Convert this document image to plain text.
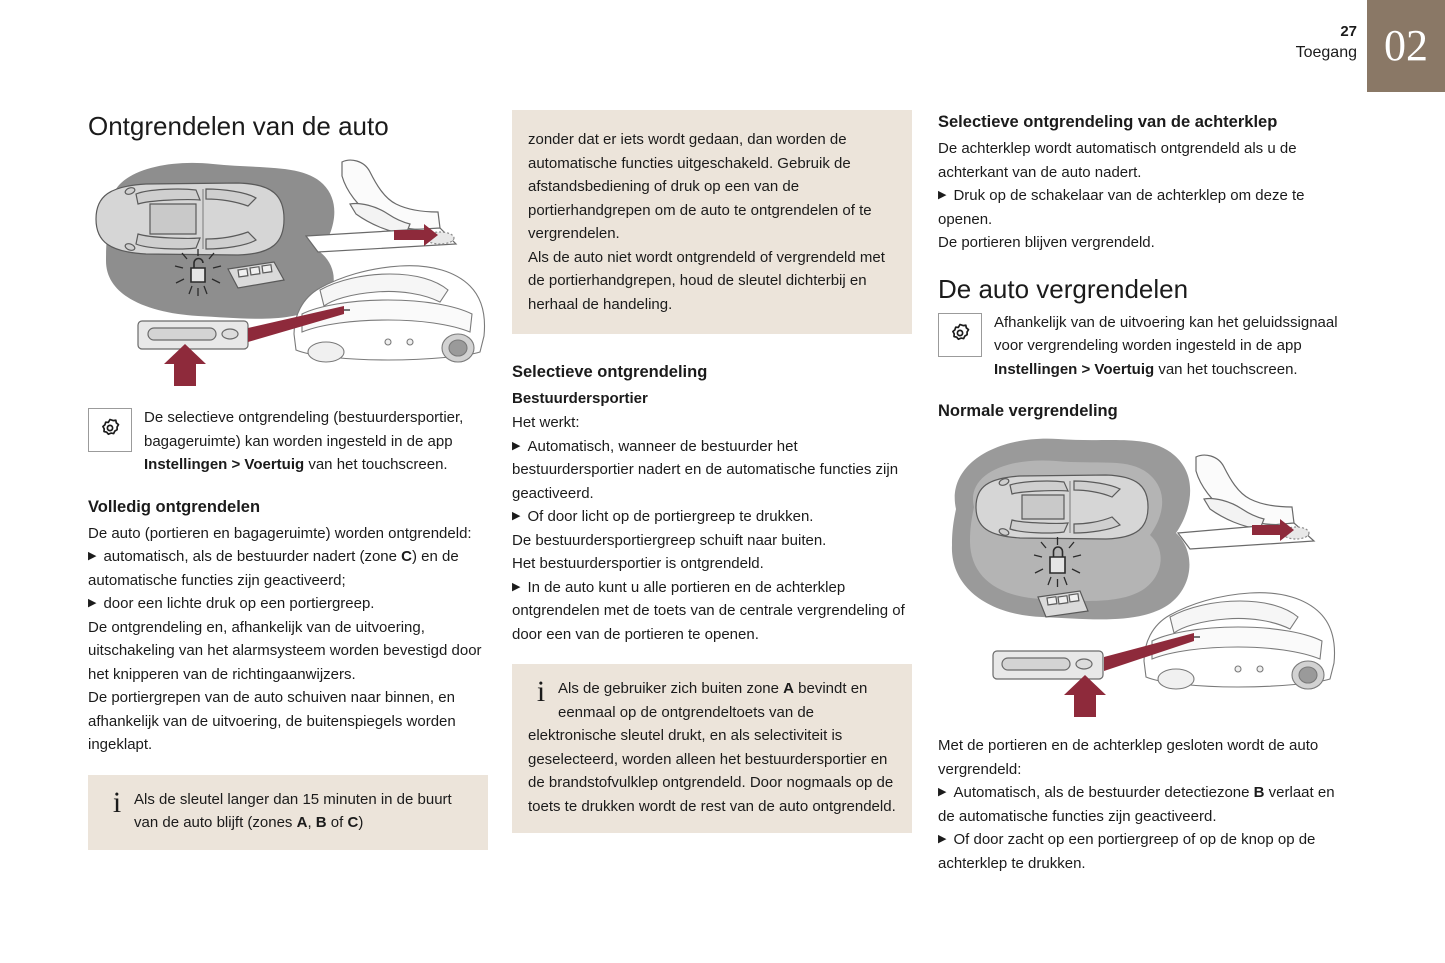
27
Toegang 02
Ontgrendelen van de auto
De selectieve ontgrendeling (bestuurdersportier, bagageruimte) kan worden ingesteld in de app Instellingen > Voertuig van het touchscreen.
Volledig ontgrendelen

De auto (portieren en bagageruimte) worden ontgrendeld:

▶ automatisch, als de bestuurder nadert (zone C) en de automatische functies zijn geactiveerd;

▶ door een lichte druk op een portiergreep.

De ontgrendeling en, afhankelijk van de uitvoering, uitschakeling van het alarmsysteem worden bevestigd door het knipperen van de richtingaanwijzers.

De portiergrepen van de auto schuiven naar binnen, en afhankelijk van de uitvoering, de buitenspiegels worden ingeklapt.

i Als de sleutel langer dan 15 minuten in de buurt van de auto blijft (zones A, B of C)

zonder dat er iets wordt gedaan, dan worden de automatische functies uitgeschakeld. Gebruik de afstandsbediening of druk op een van de portierhandgrepen om de auto te ontgrendelen of te vergrendelen.

Als de auto niet wordt ontgrendeld of vergrendeld met de portierhandgrepen, houd de sleutel dichterbij en herhaal de handeling.

Selectieve ontgrendeling
Bestuurdersportier

Het werkt:

▶ Automatisch, wanneer de bestuurder het bestuurdersportier nadert en de automatische functies zijn geactiveerd.

▶ Of door licht op de portiergreep te drukken.

De bestuurdersportiergreep schuift naar buiten.

Het bestuurdersportier is ontgrendeld.

▶ In de auto kunt u alle portieren en de achterklep ontgrendelen met de toets van de centrale vergrendeling of door een van de portieren te openen.

i Als de gebruiker zich buiten zone A bevindt en eenmaal op de ontgrendeltoets van de elektronische sleutel drukt, en als selectiviteit is geselecteerd, worden alleen het bestuurdersportier en de brandstofvulklep ontgrendeld. Door nogmaals op de toets te drukken wordt de rest van de auto ontgrendeld.

Selectieve ontgrendeling van de achterklep

De achterklep wordt automatisch ontgrendeld als u de achterkant van de auto nadert.

▶ Druk op de schakelaar van de achterklep om deze te openen.

De portieren blijven vergrendeld.

De auto vergrendelen
Afhankelijk van de uitvoering kan het geluidssignaal voor vergrendeling worden ingesteld in de app Instellingen > Voertuig van het touchscreen.
Normale vergrendeling

Met de portieren en de achterklep gesloten wordt de auto vergrendeld:

▶ Automatisch, als de bestuurder detectiezone B verlaat en de automatische functies zijn geactiveerd.

▶ Of door zacht op een portiergreep of op de knop op de achterklep te drukken.
